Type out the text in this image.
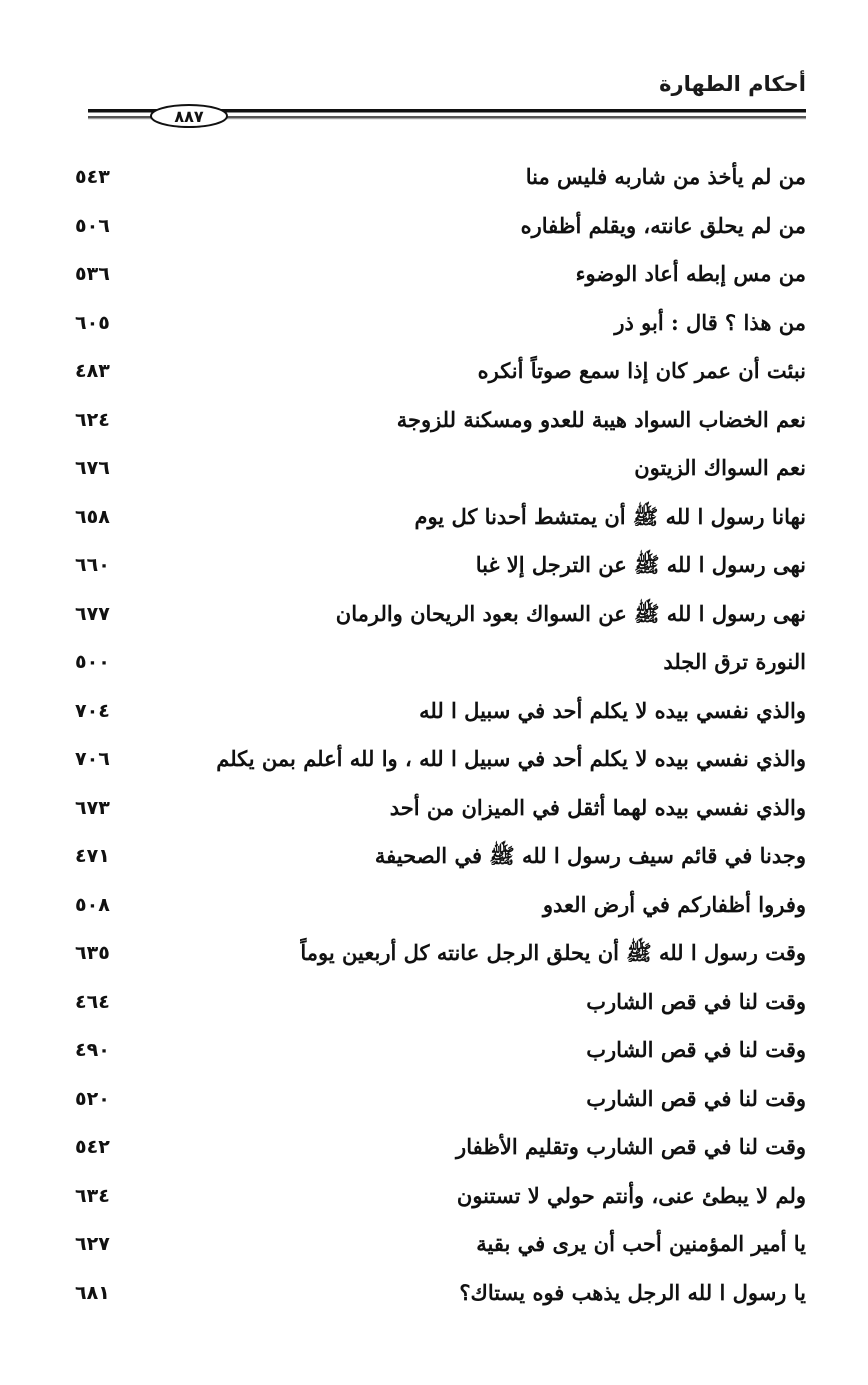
أحكام الطهارة
٨٨٧
من لم يأخذ من شاربه فليس منا
٥٤٣
من لم يحلق عانته، ويقلم أظفاره
٥٠٦
من مس إبطه أعاد الوضوء
٥٣٦
من هذا ؟ قال : أبو ذر
٦٠٥
نبئت أن عمر كان إذا سمع صوتاً أنكره
٤٨٣
نعم الخضاب السواد هيبة للعدو ومسكنة للزوجة
٦٢٤
نعم السواك الزيتون
٦٧٦
نهانا رسول ا لله ﷺ أن يمتشط أحدنا كل يوم
٦٥٨
نهى رسول ا لله ﷺ عن الترجل إلا غبا
٦٦٠
نهى رسول ا لله ﷺ عن السواك بعود الريحان والرمان
٦٧٧
النورة ترق الجلد
٥٠٠
والذي نفسي بيده لا يكلم أحد في سبيل ا لله
٧٠٤
والذي نفسي بيده لا يكلم أحد في سبيل ا لله ، وا لله أعلم بمن يكلم
٧٠٦
والذي نفسي بيده لهما أثقل في الميزان من أحد
٦٧٣
وجدنا في قائم سيف رسول ا لله ﷺ في الصحيفة
٤٧١
وفروا أظفاركم في أرض العدو
٥٠٨
وقت رسول ا لله ﷺ أن يحلق الرجل عانته كل أربعين يوماً
٦٣٥
وقت لنا في قص الشارب
٤٦٤
وقت لنا في قص الشارب
٤٩٠
وقت لنا في قص الشارب
٥٢٠
وقت لنا في قص الشارب وتقليم الأظفار
٥٤٢
ولم لا يبطئ عنى، وأنتم حولي لا تستنون
٦٣٤
يا أمير المؤمنين أحب أن يرى في بقية
٦٢٧
يا رسول ا لله الرجل يذهب فوه يستاك؟
٦٨١
